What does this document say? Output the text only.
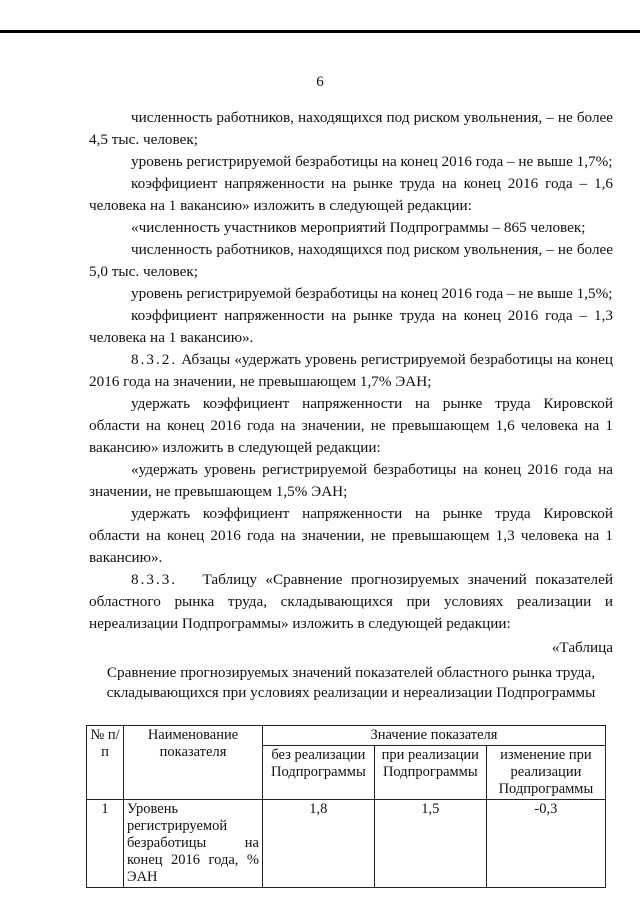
6

численность работников, находящихся под риском увольнения, – не более 4,5 тыс. человек;

уровень регистрируемой безработицы на конец 2016 года – не выше 1,7%;

коэффициент напряженности на рынке труда на конец 2016 года – 1,6 человека на 1 вакансию» изложить в следующей редакции:

«численность участников мероприятий Подпрограммы – 865 человек;

численность работников, находящихся под риском увольнения, – не более 5,0 тыс. человек;

уровень регистрируемой безработицы на конец 2016 года – не выше 1,5%;

коэффициент напряженности на рынке труда на конец 2016 года – 1,3 человека на 1 вакансию».

8.3.2. Абзацы «удержать уровень регистрируемой безработицы на конец 2016 года на значении, не превышающем 1,7% ЭАН;

удержать коэффициент напряженности на рынке труда Кировской области на конец 2016 года на значении, не превышающем 1,6 человека на 1 вакансию» изложить в следующей редакции:

«удержать уровень регистрируемой безработицы на конец 2016 года на значении, не превышающем 1,5% ЭАН;

удержать коэффициент напряженности на рынке труда Кировской области на конец 2016 года на значении, не превышающем 1,3 человека на 1 вакансию».

8.3.3. Таблицу «Сравнение прогнозируемых значений показателей областного рынка труда, складывающихся при условиях реализации и нереализации Подпрограммы» изложить в следующей редакции:

«Таблица

Сравнение прогнозируемых значений показателей областного рынка труда, складывающихся при условиях реализации и нереализации Подпрограммы

№ п/п	Наименование показателя	Значение показателя		
		без реализации Подпрограммы	при реализации Подпрограммы	изменение при реализации Подпрограммы
1	Уровень регистрируемой безработицы на конец 2016 года, % ЭАН	1,8	1,5	-0,3
